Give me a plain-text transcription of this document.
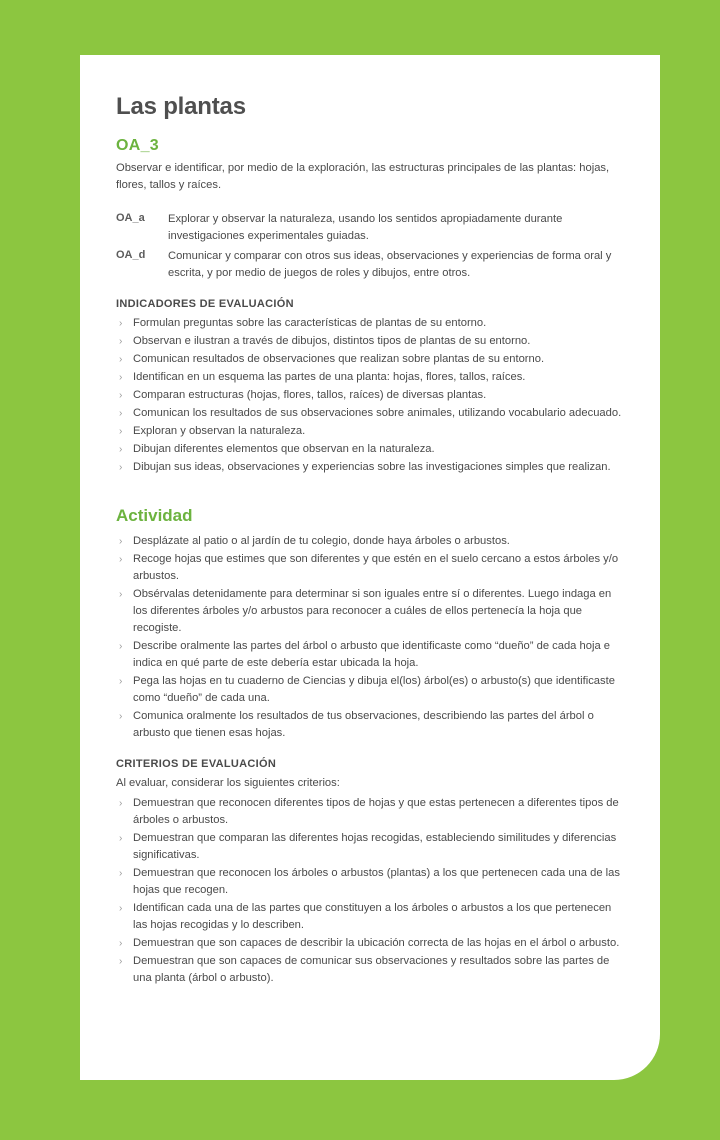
Las plantas
OA_3

Observar e identificar, por medio de la exploración, las estructuras principales de las plantas: hojas, flores, tallos y raíces.

OA_a	Explorar y observar la naturaleza, usando los sentidos apropiadamente durante investigaciones experimentales guiadas.
OA_d	Comunicar y comparar con otros sus ideas, observaciones y experiencias de forma oral y escrita, y por medio de juegos de roles y dibujos, entre otros.
INDICADORES DE EVALUACIÓN
› Formulan preguntas sobre las características de plantas de su entorno.
› Observan e ilustran a través de dibujos, distintos tipos de plantas de su entorno.
› Comunican resultados de observaciones que realizan sobre plantas de su entorno.
› Identifican en un esquema las partes de una planta: hojas, flores, tallos, raíces.
› Comparan estructuras (hojas, flores, tallos, raíces) de diversas plantas.
› Comunican los resultados de sus observaciones sobre animales, utilizando vocabulario adecuado.
› Exploran y observan la naturaleza.
› Dibujan diferentes elementos que observan en la naturaleza.
› Dibujan sus ideas, observaciones y experiencias sobre las investigaciones simples que realizan.
Actividad
› Desplázate al patio o al jardín de tu colegio, donde haya árboles o arbustos.
› Recoge hojas que estimes que son diferentes y que estén en el suelo cercano a estos árboles y/o arbustos.
› Obsérvalas detenidamente para determinar si son iguales entre sí o diferentes. Luego indaga en los diferentes árboles y/o arbustos para reconocer a cuáles de ellos pertenecía la hoja que recogiste.
› Describe oralmente las partes del árbol o arbusto que identificaste como “dueño” de cada hoja e indica en qué parte de este debería estar ubicada la hoja.
› Pega las hojas en tu cuaderno de Ciencias y dibuja el(los) árbol(es) o arbusto(s) que identificaste como “dueño” de cada una.
› Comunica oralmente los resultados de tus observaciones, describiendo las partes del árbol o arbusto que tienen esas hojas.
CRITERIOS DE EVALUACIÓN

Al evaluar, considerar los siguientes criterios:

› Demuestran que reconocen diferentes tipos de hojas y que estas pertenecen a diferentes tipos de árboles o arbustos.
› Demuestran que comparan las diferentes hojas recogidas, estableciendo similitudes y diferencias significativas.
› Demuestran que reconocen los árboles o arbustos (plantas) a los que pertenecen cada una de las hojas que recogen.
› Identifican cada una de las partes que constituyen a los árboles o arbustos a los que pertenecen las hojas recogidas y lo describen.
› Demuestran que son capaces de describir la ubicación correcta de las hojas en el árbol o arbusto.
› Demuestran que son capaces de comunicar sus observaciones y resultados sobre las partes de una planta (árbol o arbusto).
